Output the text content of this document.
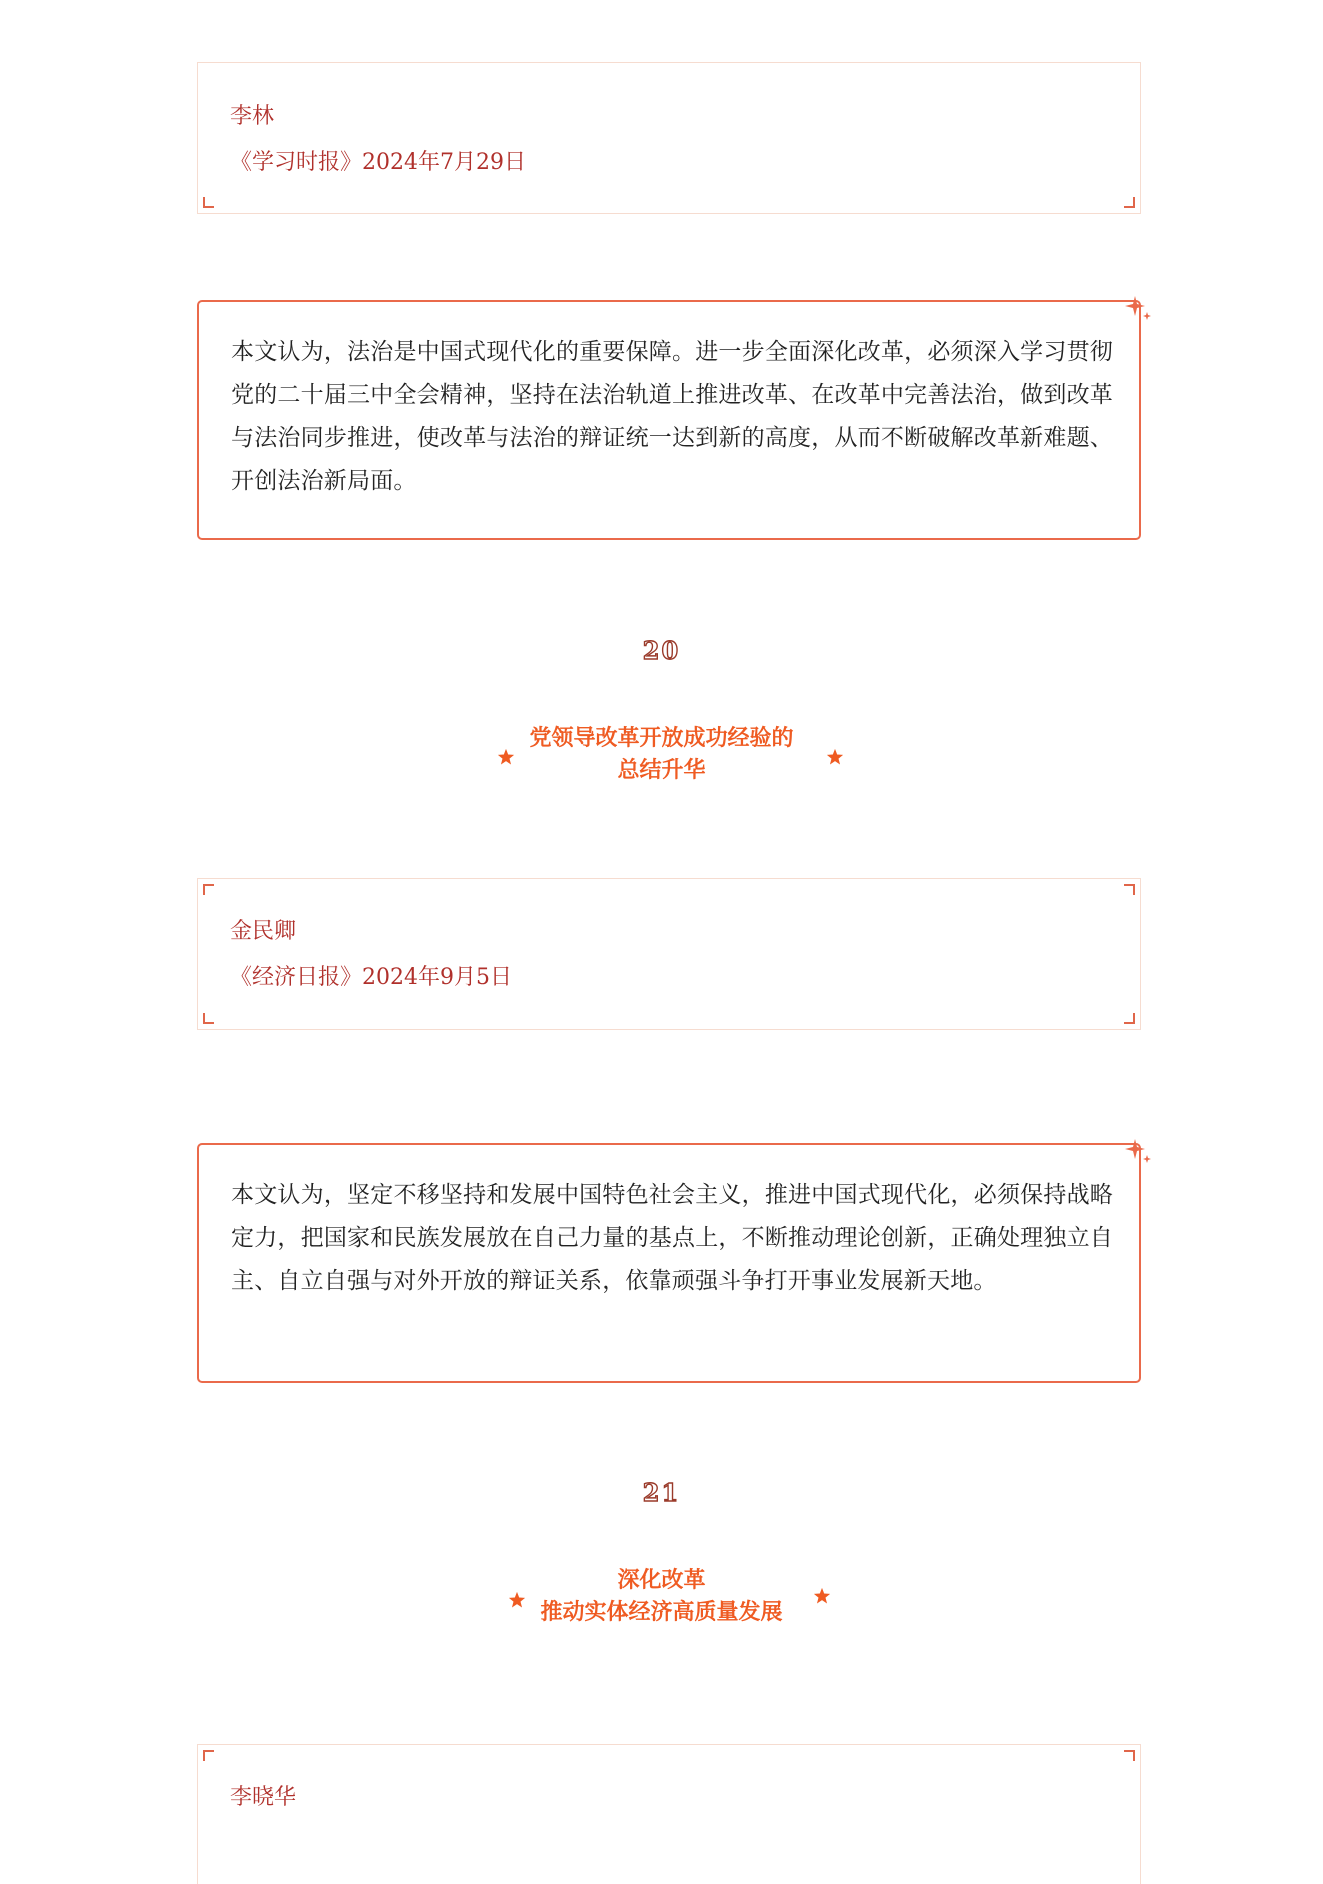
李林
《学习时报》2024年7月29日
本文认为，法治是中国式现代化的重要保障。进一步全面深化改革，必须深入学习贯彻党的二十届三中全会精神，坚持在法治轨道上推进改革、在改革中完善法治，做到改革与法治同步推进，使改革与法治的辩证统一达到新的高度，从而不断破解改革新难题、开创法治新局面。
20
党领导改革开放成功经验的
总结升华
金民卿
《经济日报》2024年9月5日
本文认为，坚定不移坚持和发展中国特色社会主义，推进中国式现代化，必须保持战略定力，把国家和民族发展放在自己力量的基点上，不断推动理论创新，正确处理独立自主、自立自强与对外开放的辩证关系，依靠顽强斗争打开事业发展新天地。
21
深化改革
推动实体经济高质量发展
李晓华
